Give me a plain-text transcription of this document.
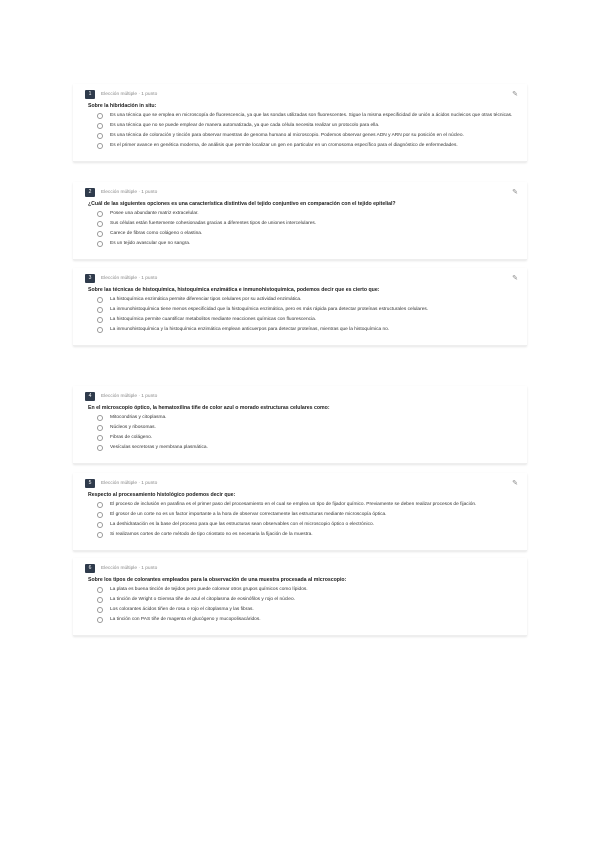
1	Elección múltiple · 1 punto	✎
Sobre la hibridación in situ:
Es una técnica que se emplea en microscopía de fluorescencia, ya que las sondas utilizadas son fluorescentes. Sigue la misma especificidad de unión a ácidos nucleicos que otras técnicas.
Es una técnica que no se puede emplear de manera automatizada, ya que cada célula necesita realizar un protocolo para ella.
Es una técnica de coloración y tinción para observar muestras de genoma humano al microscopio. Podemos observar genes ADN y ARN por su posición en el núcleo.
Es el primer avance en genética moderna, de análisis que permite localizar un gen en particular en un cromosoma específico para el diagnóstico de enfermedades.
2	Elección múltiple · 1 punto	✎
¿Cuál de las siguientes opciones es una característica distintiva del tejido conjuntivo en comparación con el tejido epitelial?
Posee una abundante matriz extracelular.
Sus células están fuertemente cohesionadas gracias a diferentes tipos de uniones intercelulares.
Carece de fibras como colágeno o elastina.
Es un tejido avascular que no sangra.
3	Elección múltiple · 1 punto	✎
Sobre las técnicas de histoquímica, histoquímica enzimática e inmunohistoquímica, podemos decir que es cierto que:
La histoquímica enzimática permite diferenciar tipos celulares por su actividad enzimática.
La inmunohistoquímica tiene menos especificidad que la histoquímica enzimática, pero es más rápida para detectar proteínas estructurales celulares.
La histoquímica permite cuantificar metabolitos mediante reacciones químicas con fluorescencia.
La inmunohistoquímica y la histoquímica enzimática emplean anticuerpos para detectar proteínas, mientras que la histoquímica no.
4	Elección múltiple · 1 punto
En el microscopio óptico, la hematoxilina tiñe de color azul o morado estructuras celulares como:
Mitocondrias y citoplasma.
Núcleos y ribosomas.
Fibras de colágeno.
Vesículas secretoras y membrana plasmática.
5	Elección múltiple · 1 punto	✎
Respecto al procesamiento histológico podemos decir que:
El proceso de inclusión en parafina es el primer paso del procesamiento en el cual se emplea un tipo de fijador químico. Previamente se deben realizar procesos de fijación.
El grosor de un corte no es un factor importante a la hora de observar correctamente las estructuras mediante microscopía óptica.
La deshidratación es la base del proceso para que las estructuras sean observables con el microscopio óptico o electrónico.
Si realizamos cortes de corte método de tipo criostato no es necesaria la fijación de la muestra.
6	Elección múltiple · 1 punto
Sobre los tipos de colorantes empleados para la observación de una muestra procesada al microscopio:
La plata es buena tinción de tejidos pero puede colorear otros grupos químicos como lípidos.
La tinción de Wright o Giemsa tiñe de azul el citoplasma de eosinófilos y rojo el núcleo.
Los colorantes ácidos tiñen de rosa o rojo el citoplasma y las fibras.
La tinción con PAS tiñe de magenta el glucógeno y mucopolisacáridos.
